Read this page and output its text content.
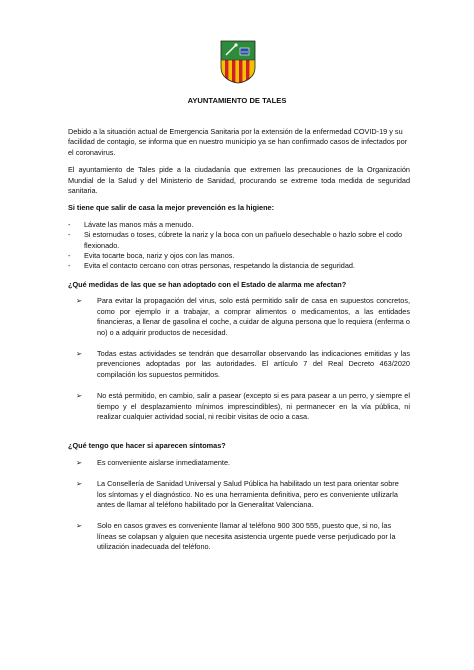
AYUNTAMIENTO DE TALES

Debido a la situación actual de Emergencia Sanitaria por la extensión de la enfermedad COVID-19 y su facilidad de contagio, se informa que en nuestro municipio ya se han confirmado casos de infectados por el coronavirus.

El ayuntamiento de Tales pide a la ciudadanía que extremen las precauciones de la Organización Mundial de la Salud y del Ministerio de Sanidad, procurando se extreme toda medida de seguridad sanitaria.

Si tiene que salir de casa la mejor prevención es la higiene:
- Lávate las manos más a menudo.
- Si estornudas o toses, cúbrete la nariz y la boca con un pañuelo desechable o hazlo sobre el codo flexionado.
- Evita tocarte boca, nariz y ojos con las manos.
- Evita el contacto cercano con otras personas, respetando la distancia de seguridad.
¿Qué medidas de las que se han adoptado con el Estado de alarma me afectan?
➢ Para evitar la propagación del virus, solo está permitido salir de casa en supuestos concretos, como por ejemplo ir a trabajar, a comprar alimentos o medicamentos, a las entidades financieras, a llenar de gasolina el coche, a cuidar de alguna persona que lo requiera (enferma o no) o a adquirir productos de necesidad.
➢ Todas estas actividades se tendrán que desarrollar observando las indicaciones emitidas y las prevenciones adoptadas por las autoridades. El artículo 7 del Real Decreto 463/2020 compilación los supuestos permitidos.
➢ No está permitido, en cambio, salir a pasear (excepto si es para pasear a un perro, y siempre el tiempo y el desplazamiento mínimos imprescindibles), ni permanecer en la vía pública, ni realizar cualquier actividad social, ni recibir visitas de ocio a casa.
¿Qué tengo que hacer si aparecen síntomas?
➢ Es conveniente aislarse inmediatamente.
➢ La Consellería de Sanidad Universal y Salud Pública ha habilitado un test para orientar sobre los síntomas y el diagnóstico. No es una herramienta definitiva, pero es conveniente utilizarla antes de llamar al teléfono habilitado por la Generalitat Valenciana.
➢ Solo en casos graves es conveniente llamar al teléfono 900 300 555, puesto que, si no, las líneas se colapsan y alguien que necesita asistencia urgente puede verse perjudicado por la utilización inadecuada del teléfono.
